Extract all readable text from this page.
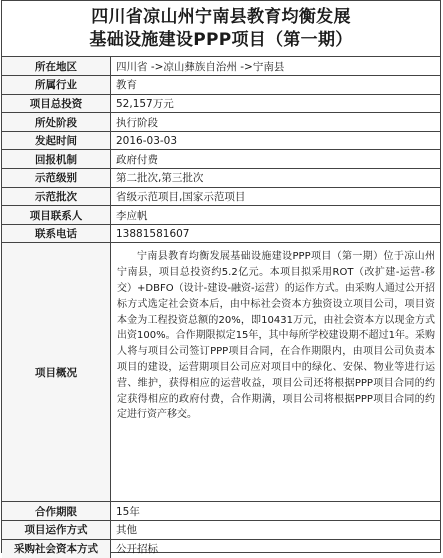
四川省凉山州宁南县教育均衡发展
基础设施建设PPP项目（第一期）
所在地区	四川省 ->凉山彝族自治州 ->宁南县
所属行业	教育
项目总投资	52,157万元
所处阶段	执行阶段
发起时间	2016-03-03
回报机制	政府付费
示范级别	第二批次,第三批次
示范批次	省级示范项目,国家示范项目
项目联系人	李应帆
联系电话	13881581607
项目概况	宁南县教育均衡发展基础设施建设PPP项目（第一期）位于凉山州宁南县，项目总投资约5.2亿元。本项目拟采用ROT（改扩建-运营-移交）+DBFO（设计-建设-融资-运营）的运作方式。由采购人通过公开招标方式选定社会资本后，由中标社会资本方独资设立项目公司，项目资本金为工程投资总额的20%，即10431万元，由社会资本方以现金方式出资100%。合作期限拟定15年，其中每所学校建设期不超过1年。采购人将与项目公司签订PPP项目合同，在合作期限内，由项目公司负责本项目的建设，运营期项目公司应对项目中的绿化、安保、物业等进行运营、维护，获得相应的运营收益，项目公司还将根据PPP项目合同的约定获得相应的政府付费，合作期满，项目公司将根据PPP项目合同的约定进行资产移交。
合作期限	15年
项目运作方式	其他
采购社会资本方式	公开招标
